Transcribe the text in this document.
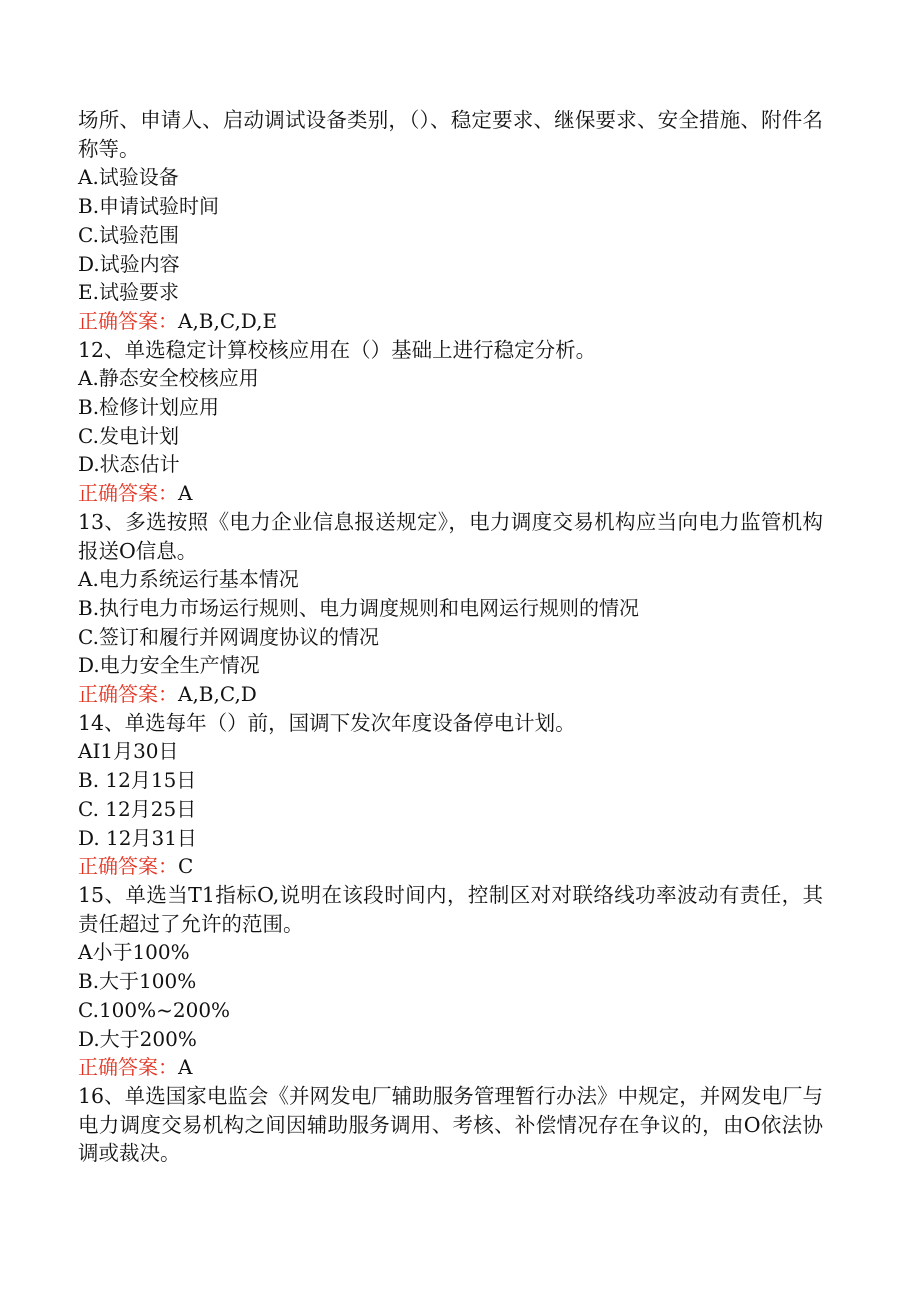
场所、申请人、启动调试设备类别，（）、稳定要求、继保要求、安全措施、附件名称等。

A.试验设备

B.申请试验时间

C.试验范围

D.试验内容

E.试验要求

正确答案：A,B,C,D,E

12、单选稳定计算校核应用在（）基础上进行稳定分析。

A.静态安全校核应用

B.检修计划应用

C.发电计划

D.状态估计

正确答案：A

13、多选按照《电力企业信息报送规定》，电力调度交易机构应当向电力监管机构报送O信息。

A.电力系统运行基本情况

B.执行电力市场运行规则、电力调度规则和电网运行规则的情况

C.签订和履行并网调度协议的情况

D.电力安全生产情况

正确答案：A,B,C,D

14、单选每年（）前，国调下发次年度设备停电计划。

AI1月30日

B. 12月15日

C. 12月25日

D. 12月31日

正确答案：C

15、单选当T1指标O,说明在该段时间内，控制区对对联络线功率波动有责任，其责任超过了允许的范围。

A小于100%

B.大于100%

C.100%~200%

D.大于200%

正确答案：A

16、单选国家电监会《并网发电厂辅助服务管理暂行办法》中规定，并网发电厂与电力调度交易机构之间因辅助服务调用、考核、补偿情况存在争议的，由O依法协调或裁决。
